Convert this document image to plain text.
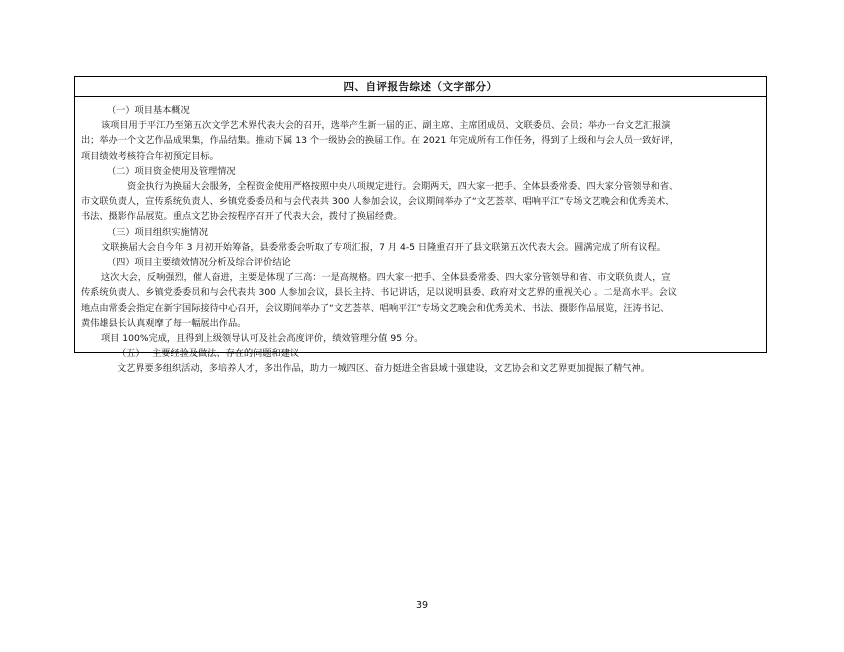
四、自评报告综述（文字部分）

（一）项目基本概况

该项目用于平江乃至第五次文学艺术界代表大会的召开，选举产生新一届的正、副主席、主席团成员、文联委员、会员；举办一台文艺汇报演

出；举办一个文艺作品成果集，作品结集。推动下属 13 个一级协会的换届工作。在 2021 年完成所有工作任务，得到了上级和与会人员一致好评，

项目绩效考核符合年初预定目标。

（二）项目资金使用及管理情况

资金执行为换届大会服务，全程资金使用严格按照中央八项规定进行。会期两天，四大家一把手、全体县委常委、四大家分管领导和省、

市文联负责人，宣传系统负责人、乡镇党委委员和与会代表共 300 人参加会议，会议期间举办了“文艺荟萃、唱响平江”专场文艺晚会和优秀美术、

书法、摄影作品展览。重点文艺协会按程序召开了代表大会，拨付了换届经费。

（三）项目组织实施情况

文联换届大会自今年 3 月初开始筹备，县委常委会听取了专项汇报，7 月 4-5 日隆重召开了县文联第五次代表大会。圆满完成了所有议程。

（四）项目主要绩效情况分析及综合评价结论

这次大会，反响强烈，催人奋进，主要是体现了三高：一是高规格。四大家一把手、全体县委常委、四大家分管领导和省、市文联负责人，宣

传系统负责人、乡镇党委委员和与会代表共 300 人参加会议，县长主持、书记讲话，足以说明县委、政府对文艺界的重视关心 。二是高水平。会议

地点由常委会指定在新宇国际接待中心召开，会议期间举办了“文艺荟萃、唱响平江”专场文艺晚会和优秀美术、书法、摄影作品展览，汪涛书记、

黄伟雄县长认真观摩了每一幅展出作品。

项目 100%完成，且得到上级领导认可及社会高度评价，绩效管理分值 95 分。

（五）　 主要经验及做法、存在的问题和建议

文艺界要多组织活动，多培养人才，多出作品，助力一城四区、奋力挺进全省县域十强建设，文艺协会和文艺界更加提振了精气神。

39
